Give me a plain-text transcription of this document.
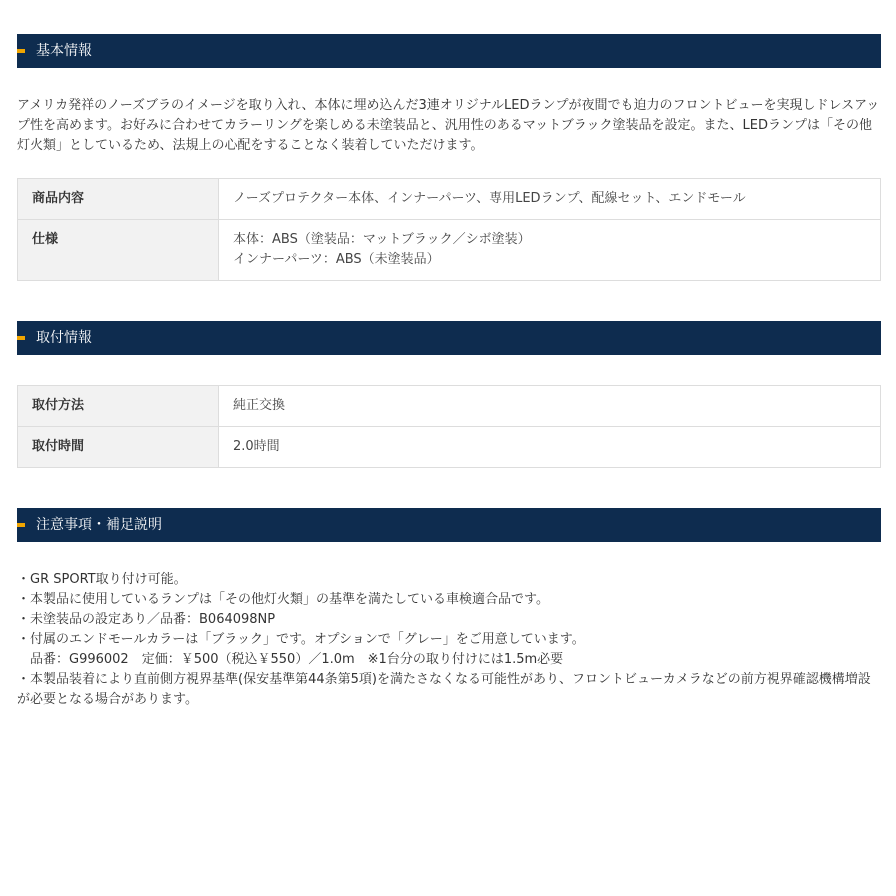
基本情報

アメリカ発祥のノーズブラのイメージを取り入れ、本体に埋め込んだ3連オリジナルLEDランプが夜間でも迫力のフロントビューを実現しドレスアップ性を高めます。お好みに合わせてカラーリングを楽しめる未塗装品と、汎用性のあるマットブラック塗装品を設定。また、LEDランプは「その他灯火類」としているため、法規上の心配をすることなく装着していただけます。

商品内容	ノーズプロテクター本体、インナーパーツ、専用LEDランプ、配線セット、エンドモール

仕様	本体：ABS（塗装品：マットブラック／シボ塗装）
インナーパーツ：ABS（未塗装品）
取付情報
取付方法	純正交換

取付時間	2.0時間
注意事項・補足説明
・GR SPORT取り付け可能。
・本製品に使用しているランプは「その他灯火類」の基準を満たしている車検適合品です。
・未塗装品の設定あり／品番：B064098NP
・付属のエンドモールカラーは「ブラック」です。オプションで「グレー」をご用意しています。
　品番：G996002　定価：￥500（税込￥550）／1.0m　※1台分の取り付けには1.5m必要
・本製品装着により直前側方視界基準(保安基準第44条第5項)を満たさなくなる可能性があり、フロントビューカメラなどの前方視界確認機構増設が必要となる場合があります。
